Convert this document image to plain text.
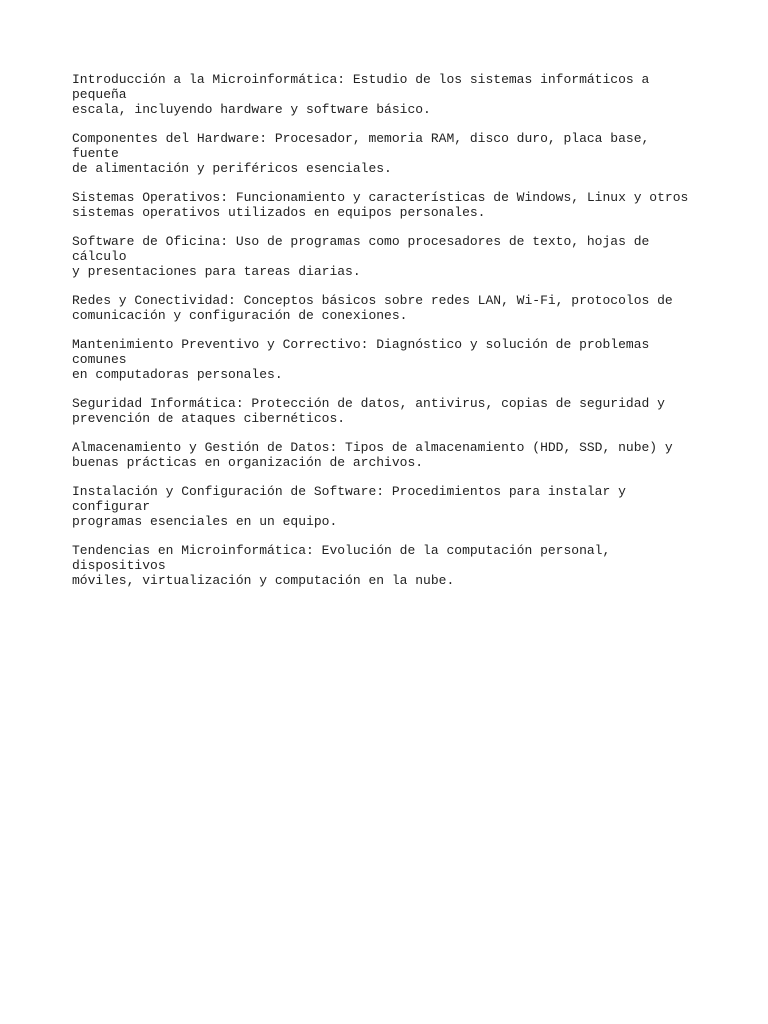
Introducción a la Microinformática: Estudio de los sistemas informáticos a pequeña
escala, incluyendo hardware y software básico.

Componentes del Hardware: Procesador, memoria RAM, disco duro, placa base, fuente
de alimentación y periféricos esenciales.

Sistemas Operativos: Funcionamiento y características de Windows, Linux y otros
sistemas operativos utilizados en equipos personales.

Software de Oficina: Uso de programas como procesadores de texto, hojas de cálculo
y presentaciones para tareas diarias.

Redes y Conectividad: Conceptos básicos sobre redes LAN, Wi-Fi, protocolos de
comunicación y configuración de conexiones.

Mantenimiento Preventivo y Correctivo: Diagnóstico y solución de problemas comunes
en computadoras personales.

Seguridad Informática: Protección de datos, antivirus, copias de seguridad y
prevención de ataques cibernéticos.

Almacenamiento y Gestión de Datos: Tipos de almacenamiento (HDD, SSD, nube) y
buenas prácticas en organización de archivos.

Instalación y Configuración de Software: Procedimientos para instalar y configurar
programas esenciales en un equipo.

Tendencias en Microinformática: Evolución de la computación personal, dispositivos
móviles, virtualización y computación en la nube.
